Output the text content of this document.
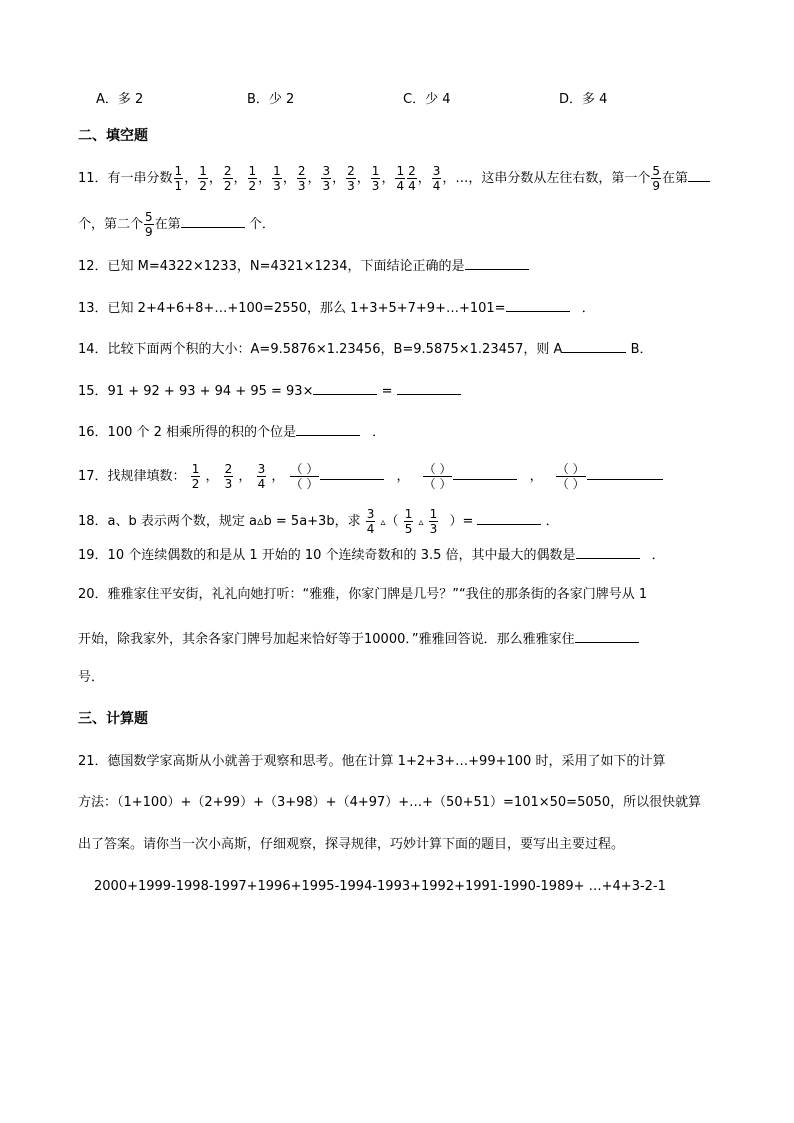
A．多 2	B．少 2	C．少 4	D．多 4
二、填空题
11．有一串分数 $\frac{1}{1}$ ， $\frac{1}{2}$ ， $\frac{2}{2}$ ， $\frac{1}{2}$ ， $\frac{1}{3}$ ， $\frac{2}{3}$ ， $\frac{3}{3}$ ， $\frac{2}{3}$ ， $\frac{1}{3}$ ， $\frac{1}{4} \frac{2}{4}$ ， $\frac{3}{4}$ ，…，这串分数从左往右数，第一个 $\frac{5}{9}$ 在第
个，第二个 $\frac{5}{9}$ 在第	个．
12．已知 M=4322×1233，N=4321×1234，下面结论正确的是
13．已知 2+4+6+8+…+100=2550，那么 1+3+5+7+9+…+101=	．
14．比较下面两个积的大小：A=9.5876×1.23456，B=9.5875×1.23457，则 A	B．
15．91 + 92 + 93 + 94 + 95 = 93×	=
16．100 个 2 相乘所得的积的个位是	．
17．找规律填数： $\frac{1}{2}$ ， $\frac{2}{3}$ ， $\frac{3}{4}$ ， $\frac{( )}{( )}$	， $\frac{( )}{( )}$	， $\frac{( )}{( )}$
18．a、b 表示两个数，规定 a▵b = 5a+3b，求 $\frac{3}{4}$ ▵（ $\frac{1}{5}$ ▵ $\frac{1}{3}$ ）=	．
19．10 个连续偶数的和是从 1 开始的 10 个连续奇数和的 3.5 倍，其中最大的偶数是	．
20．雅雅家住平安街，礼礼向她打听：“雅雅，你家门牌是几号？”“我住的那条街的各家门牌号从 1
开始，除我家外，其余各家门牌号加起来恰好等于10000．”雅雅回答说．那么雅雅家住
号．
三、计算题
21．德国数学家高斯从小就善于观察和思考。他在计算 1+2+3+…+99+100 时，采用了如下的计算
方法：（1+100）+（2+99）+（3+98）+（4+97）+…+（50+51）=101×50=5050，所以很快就算
出了答案。请你当一次小高斯，仔细观察，探寻规律，巧妙计算下面的题目，要写出主要过程。
2000+1999-1998-1997+1996+1995-1994-1993+1992+1991-1990-1989+ …+4+3-2-1
